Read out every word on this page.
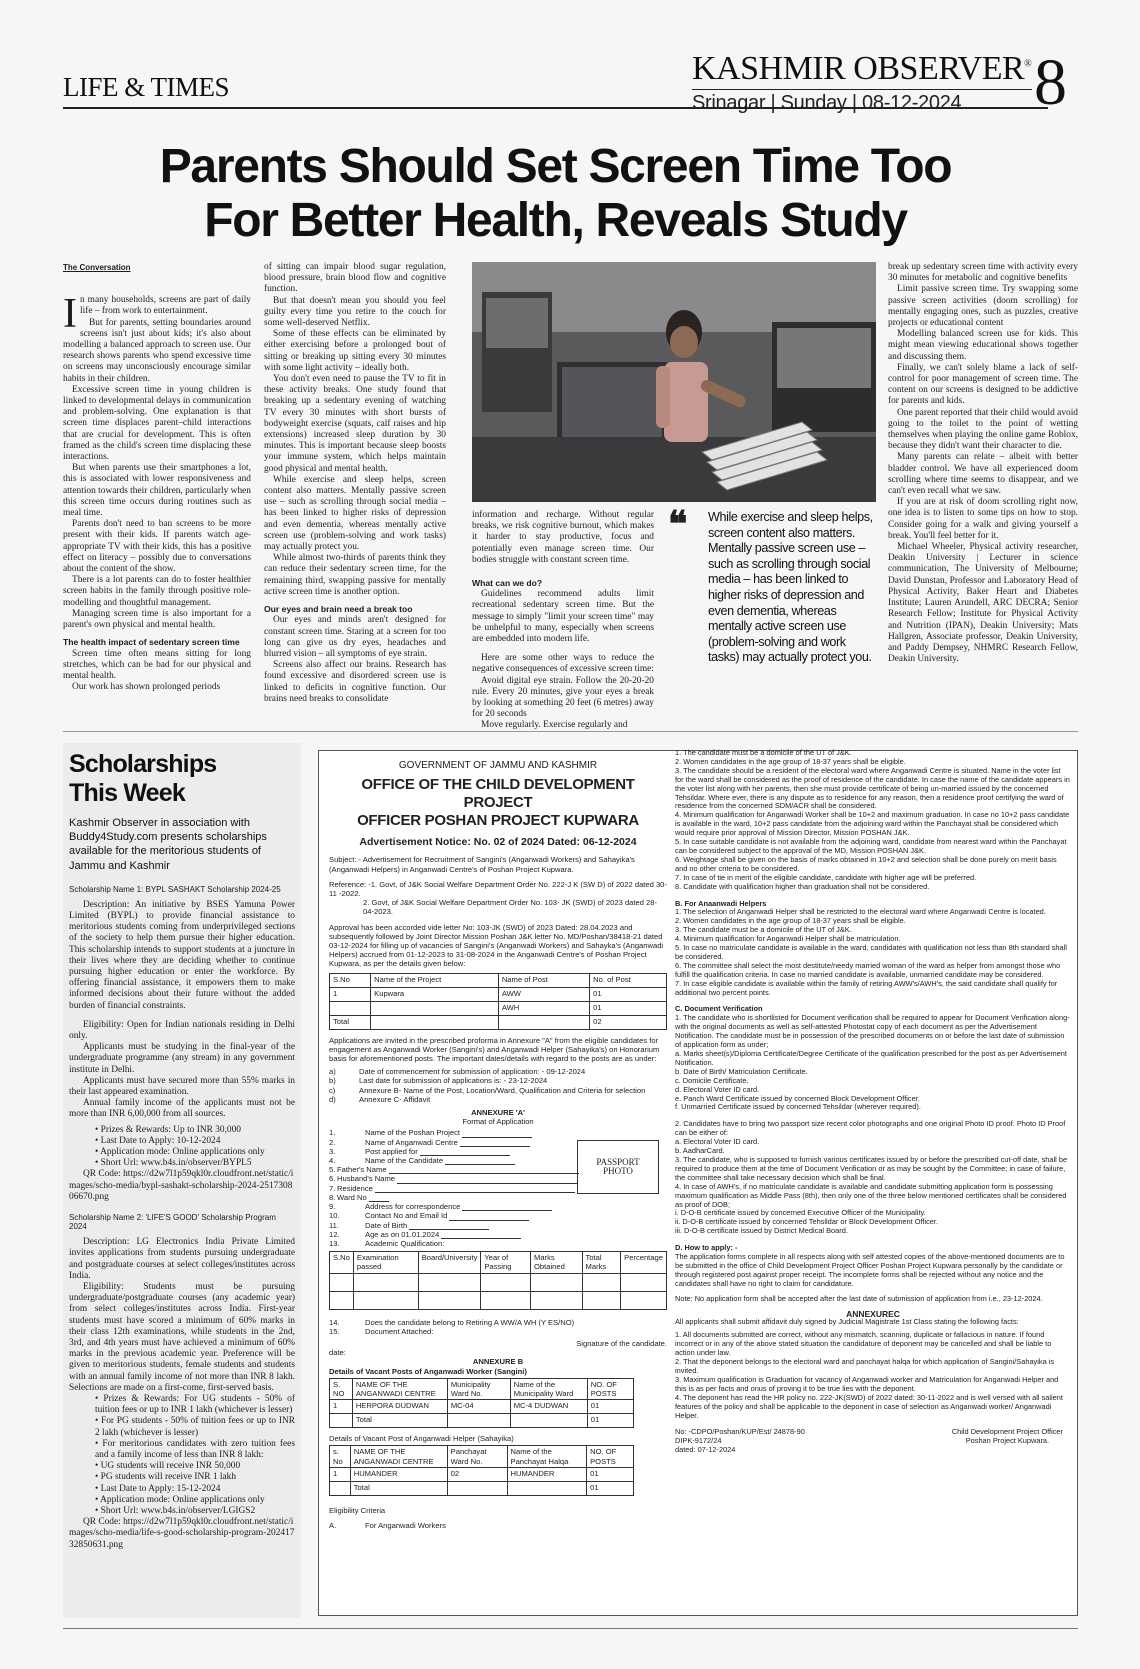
LIFE & TIMES	KASHMIR OBSERVER®
Srinagar | Sunday | 08-12-2024 8
Parents Should Set Screen Time Too
For Better Health, Reveals Study
The Conversation
I n many households, screens are part of daily life – from work to entertainment.

But for parents, setting boundaries around screens isn't just about kids; it's also about modelling a balanced approach to screen use. Our research shows parents who spend excessive time on screens may unconsciously encourage similar habits in their children.

Excessive screen time in young children is linked to developmental delays in communication and problem-solving. One explanation is that screen time displaces parent–child interactions that are crucial for development. This is often framed as the child's screen time displacing these interactions.

But when parents use their smartphones a lot, this is associated with lower responsiveness and attention towards their children, particularly when this screen time occurs during routines such as meal time.

Parents don't need to ban screens to be more present with their kids. If parents watch age-appropriate TV with their kids, this has a positive effect on literacy – possibly due to conversations about the content of the show.

There is a lot parents can do to foster healthier screen habits in the family through positive role-modelling and thoughtful management.

Managing screen time is also important for a parent's own physical and mental health.

The health impact of sedentary screen time

Screen time often means sitting for long stretches, which can be bad for our physical and mental health.

Our work has shown prolonged periods

of sitting can impair blood sugar regulation, blood pressure, brain blood flow and cognitive function.

But that doesn't mean you should you feel guilty every time you retire to the couch for some well-deserved Netflix.

Some of these effects can be eliminated by either exercising before a prolonged bout of sitting or breaking up sitting every 30 minutes with some light activity – ideally both.

You don't even need to pause the TV to fit in these activity breaks. One study found that breaking up a sedentary evening of watching TV every 30 minutes with short bursts of bodyweight exercise (squats, calf raises and hip extensions) increased sleep duration by 30 minutes. This is important because sleep boosts your immune system, which helps maintain good physical and mental health.

While exercise and sleep helps, screen content also matters. Mentally passive screen use – such as scrolling through social media – has been linked to higher risks of depression and even dementia, whereas mentally active screen use (problem-solving and work tasks) may actually protect you.

While almost two-thirds of parents think they can reduce their sedentary screen time, for the remaining third, swapping passive for mentally active screen time is another option.

Our eyes and brain need a break too

Our eyes and minds aren't designed for constant screen time. Staring at a screen for too long can give us dry eyes, headaches and blurred vision – all symptoms of eye strain.

Screens also affect our brains. Research has found excessive and disordered screen use is linked to deficits in cognitive function. Our brains need breaks to consolidate

information and recharge. Without regular breaks, we risk cognitive burnout, which makes it harder to stay productive, focus and potentially even manage screen time. Our bodies struggle with constant screen time.

What can we do?

Guidelines recommend adults limit recreational sedentary screen time. But the message to simply "limit your screen time" may be unhelpful to many, especially when screens are embedded into modern life.

Here are some other ways to reduce the negative consequences of excessive screen time:

Avoid digital eye strain. Follow the 20-20-20 rule. Every 20 minutes, give your eyes a break by looking at something 20 feet (6 metres) away for 20 seconds

Move regularly. Exercise regularly and

❝ While exercise and sleep helps, screen content also matters. Mentally passive screen use – such as scrolling through social media – has been linked to higher risks of depression and even dementia, whereas mentally active screen use (problem-solving and work tasks) may actually protect you.

break up sedentary screen time with activity every 30 minutes for metabolic and cognitive benefits

Limit passive screen time. Try swapping some passive screen activities (doom scrolling) for mentally engaging ones, such as puzzles, creative projects or educational content

Modelling balanced screen use for kids. This might mean viewing educational shows together and discussing them.

Finally, we can't solely blame a lack of self-control for poor management of screen time. The content on our screens is designed to be addictive for parents and kids.

One parent reported that their child would avoid going to the toilet to the point of wetting themselves when playing the online game Roblox, because they didn't want their character to die.

Many parents can relate – albeit with better bladder control. We have all experienced doom scrolling where time seems to disappear, and we can't even recall what we saw.

If you are at risk of doom scrolling right now, one idea is to listen to some tips on how to stop. Consider going for a walk and giving yourself a break. You'll feel better for it.

Michael Wheeler, Physical activity researcher, Deakin University | Lecturer in science communication, The University of Melbourne; David Dunstan, Professor and Laboratory Head of Physical Activity, Baker Heart and Diabetes Institute; Lauren Arundell, ARC DECRA; Senior Research Fellow; Institute for Physical Activity and Nutrition (IPAN), Deakin University; Mats Hallgren, Associate professor, Deakin University, and Paddy Dempsey, NHMRC Research Fellow, Deakin University.

Scholarships
This Week
Kashmir Observer in association with Buddy4Study.com presents scholarships available for the meritorious students of Jammu and Kashmir
Scholarship Name 1: BYPL SASHAKT Scholarship 2024-25

Description: An initiative by BSES Yamuna Power Limited (BYPL) to provide financial assistance to meritorious students coming from underprivileged sections of the society to help them pursue their higher education. This scholarship intends to support students at a juncture in their lives where they are deciding whether to continue pursuing higher education or enter the workforce. By offering financial assistance, it empowers them to make informed decisions about their future without the added burden of financial constraints.

Eligibility: Open for Indian nationals residing in Delhi only.

Applicants must be studying in the final-year of the undergraduate programme (any stream) in any government institute in Delhi.

Applicants must have secured more than 55% marks in their last appeared examination.

Annual family income of the applicants must not be more than INR 6,00,000 from all sources.

• Prizes & Rewards: Up to INR 30,000
• Last Date to Apply: 10-12-2024
• Application mode: Online applications only
• Short Url: www.b4s.in/observer/BYPL5

QR Code: https://d2w7l1p59qkl0r.cloudfront.net/static/images/scho-media/bypl-sashakt-scholarship-2024-251730806670.png

Scholarship Name 2: 'LIFE'S GOOD' Scholarship Program 2024

Description: LG Electronics India Private Limited invites applications from students pursuing undergraduate and postgraduate courses at select colleges/institutes across India.

Eligibility: Students must be pursuing undergraduate/postgraduate courses (any academic year) from select colleges/institutes across India. First-year students must have scored a minimum of 60% marks in their class 12th examinations, while students in the 2nd, 3rd, and 4th years must have achieved a minimum of 60% marks in the previous academic year. Preference will be given to meritorious students, female students and students with an annual family income of not more than INR 8 lakh. Selections are made on a first-come, first-served basis.

• Prizes & Rewards: For UG students - 50% of tuition fees or up to INR 1 lakh (whichever is lesser)
• For PG students - 50% of tuition fees or up to INR 2 lakh (whichever is lesser)
• For meritorious candidates with zero tuition fees and a family income of less than INR 8 lakh:
• UG students will receive INR 50,000
• PG students will receive INR 1 lakh
• Last Date to Apply: 15-12-2024
• Application mode: Online applications only
• Short Url: www.b4s.in/observer/LGIGS2

QR Code: https://d2w7l1p59qkl0r.cloudfront.net/static/images/scho-media/life-s-good-scholarship-program-20241732850631.png

GOVERNMENT OF JAMMU AND KASHMIR
OFFICE OF THE CHILD DEVELOPMENT PROJECT
OFFICER POSHAN PROJECT KUPWARA
Advertisement Notice: No. 02 of 2024 Dated: 06-12-2024

Subject: - Advertisement for Recruitment of Sangini's (Anganwadi Workers) and Sahayika's (Anganwadi Helpers) in Anganwadi Centre's of Poshan Project Kupwara.

Reference: -1. Govt, of J&K Social Welfare Department Order No. 222-J K (SW D) of 2022 dated 30-11 -2022.

2. Govt, of J&K Social Welfare Department Order No. 103- JK (SWD) of 2023 dated 28-04-2023.

Approval has been accorded vide letter No: 103-JK (SWD) of 2023 Dated: 28.04.2023 and subsequently followed by Joint Director Mission Poshan J&K letter No. MD/Poshan/38418-21 dated 03-12-2024 for filling up of vacancies of Sangini's (Anganwadi Workers) and Sahayka's (Anganwadi Helpers) accrued from 01-12-2023 to 31-08-2024 in the Anganwadi Centre's of Poshan Project Kupwara, as per the details given below:

S.No	Name of the Project	Name of Post	No. of Post
1	Kupwara	AWW	01
		AWH	01
Total			02

Applications are invited in the prescribed proforma in Annexure "A" from the eligible candidates for engagement as Anganwadi Worker (Sangini's) and Anganwadi Helper (Sahayika's) on Honorarium basis for aforementioned posts. The important dates/details with regard to the posts are as under:

a)	Date of commencement for submission of application: - 09-12-2024
b)	Last date for submission of applications is: - 23-12-2024
c)	Annexure B- Name of the Post, Location/Ward, Qualification and Criteria for selection
d)	Annexure C- Affidavit
ANNEXURE 'A'
Format of Application
PASSPORT PHOTO
1.	Name of the Poshan Project
2.	Name of Anganwadi Centre
3.	Post applied for
4.	Name of the Candidate
5. Father's Name
6. Husband's Name
7. Residence
8. Ward No
9.	Address for correspondence
10.	Contact No and Email Id
11.	Date of Birth
12.	Age as on 01.01.2024
13.	Academic Qualification:
S.No	Examination passed	Board/University	Year of Passing	Marks Obtained	Total Marks	Percentage

14.	Does the candidate belong to Retiring A WW/A WH (Y ES/NO)
15.	Document Attached:
Signature of the candidate.
date:
ANNEXURE B
Details of Vacant Posts of Anganwadi Worker (Sangini)
S. NO	NAME OF THE ANGANWADI CENTRE	Municipality Ward No.	Name of the Municipality Ward	NO. OF POSTS
1	HERPORA DUDWAN	MC-04	MC-4 DUDWAN	01
	Total			01
Details of Vacant Post of Anganwadi Helper (Sahayika)
s. No	NAME OF THE ANGANWADI CENTRE	Panchayat Ward No.	Name of the Panchayat Halqa	NO. OF POSTS
1	HUMANDER	02	HUMANDER	01
	Total			01
Eligibility Criteria
A.	For Anganwadi Workers

1. The candidate must be a domicile of the UT of J&K.

2. Women candidates in the age group of 18-37 years shall be eligible.

3. The candidate should be a resident of the electoral ward where Anganwadi Centre is situated. Name in the voter list for the ward shall be considered as the proof of residence of the candidate. In case the name of the candidate appears in the voter list along with her parents, then she must provide certificate of being un-married issued by the concerned Tehsildar. Where ever, there is any dispute as to residence for any reason, then a residence proof certifying the ward of residence from the concerned SDM/ACR shall be considered.

4. Minimum qualification for Anganwadi Worker shall be 10+2 and maximum graduation. In case no 10+2 pass candidate is available in the ward, 10+2 pass candidate from the adjoining ward within the Panchayat shall be considered which would require prior approval of Mission Director, Mission POSHAN J&K.

5. In case suitable candidate is not available from the adjoining ward, candidate from nearest ward within the Panchayat can be considered subject to the approval of the MD, Mission POSHAN J&K.

6. Weightage shall be given on the basis of marks obtained in 10+2 and selection shall be done purely on merit basis and no other criteria to be considered.

7. In case of tie in merit of the eligible candidate, candidate with higher age will be preferred.

8. Candidate with qualification higher than graduation shall not be considered.

B. For Anaanwadi Helpers

1. The selection of Anganwadi Helper shall be restricted to the electoral ward where Anganwadi Centre is located.

2. Women candidates in the age group of 18-37 years shall be eligible.

3. The candidate must be a domicile of the UT of J&K.

4. Minimum qualification for Anganwadi Helper shall be matriculation.

5. In case no matriculate candidate is available in the ward, candidates with qualification not less than 8th standard shall be considered.

6. The committee shall select the most destitute/needy married woman of the ward as helper from amongst those who fulfill the qualification criteria. In case no married candidate is available, unmarried candidate may be considered.

7. In case eligible candidate is available within the family of retiring AWW's/AWH's, the said candidate shall qualify for additional two percent points.

C. Document Verification

1. The candidate who is shortlisted for Document verification shall be required to appear for Document Verification along-with the original documents as well as self-attested Photostat copy of each document as per the Advertisement Notification. The candidate must be in possession of the prescribed documents on or before the last date of submission of application form as under;

a. Marks sheet(s)/Diploma Certificate/Degree Certificate of the qualification prescribed for the post as per Advertisement Notification.

b. Date of Birth/ Matriculation Certificate.

c. Domicile Certificate.

d. Electoral Voter ID card.

e. Panch Ward Certificate issued by concerned Block Development Officer.

f. Unmarried Certificate issued by concerned Tehsildar (wherever required).

2. Candidates have to bring two passport size recent color photographs and one original Photo ID proof. Photo ID Proof can be either of:

a. Electoral Voter ID card.

b. AadharCard.

3. The candidate, who is supposed to furnish various certificates issued by or before the prescribed cut-off date, shall be required to produce them at the time of Document Verification or as may be sought by the Committee; in case of failure, the committee shall take necessary decision which shall be final.

4. In case of AWH's, if no matriculate candidate is available and candidate submitting application form is possessing maximum qualification as Middle Pass (8th), then only one of the three below mentioned certificates shall be considered as proof of DOB;

i. D-O-B certificate issued by concerned Executive Officer of the Municipality.

ii. D-O-B certificate issued by concerned Tehsildar or Block Development Officer.

iii. D-O-B certificate issued by District Medical Board.

D. How to apply: -

The application forms complete in all respects along with self attested copies of the above-mentioned documents are to be submitted in the office of Child Development Project Officer Poshan Project Kupwara personally by the candidate or through registered post against proper receipt. The incomplete forms shall be rejected without any notice and the candidates shall have no right to claim for candidature.

Note: No application form shall be accepted after the last date of submission of application from i.e., 23-12-2024.

ANNEXUREC

All applicants shall submit affidavit duly signed by Judicial Magistrate 1st Class stating the following facts:

1. All documents submitted are correct, without any mismatch, scanning, duplicate or fallacious in nature. If found incorrect or in any of the above stated situation the candidature of deponent may be cancelled and shall be liable to action under law.

2. That the deponent belongs to the electoral ward and panchayat halqa for which application of Sangini/Sahayika is invited.

3. Maximum qualification is Graduation for vacancy of Anganwadi worker and Matriculation for Anganwadi Helper and this is as per facts and onus of proving it to be true lies with the deponent.

4. The deponent has read the HR policy no. 222-JK(SWD) of 2022 dated: 30-11-2022 and is well versed with all salient features of the policy and shall be applicable to the deponent in case of selection as Anganwadi worker/ Anganwadi Helper.

No: -CDPO/Poshan/KUP/Est/ 24878-90
DIPK-9172/24
dated: 07-12-2024
Child Development Project Officer
Poshan Project Kupwara.
